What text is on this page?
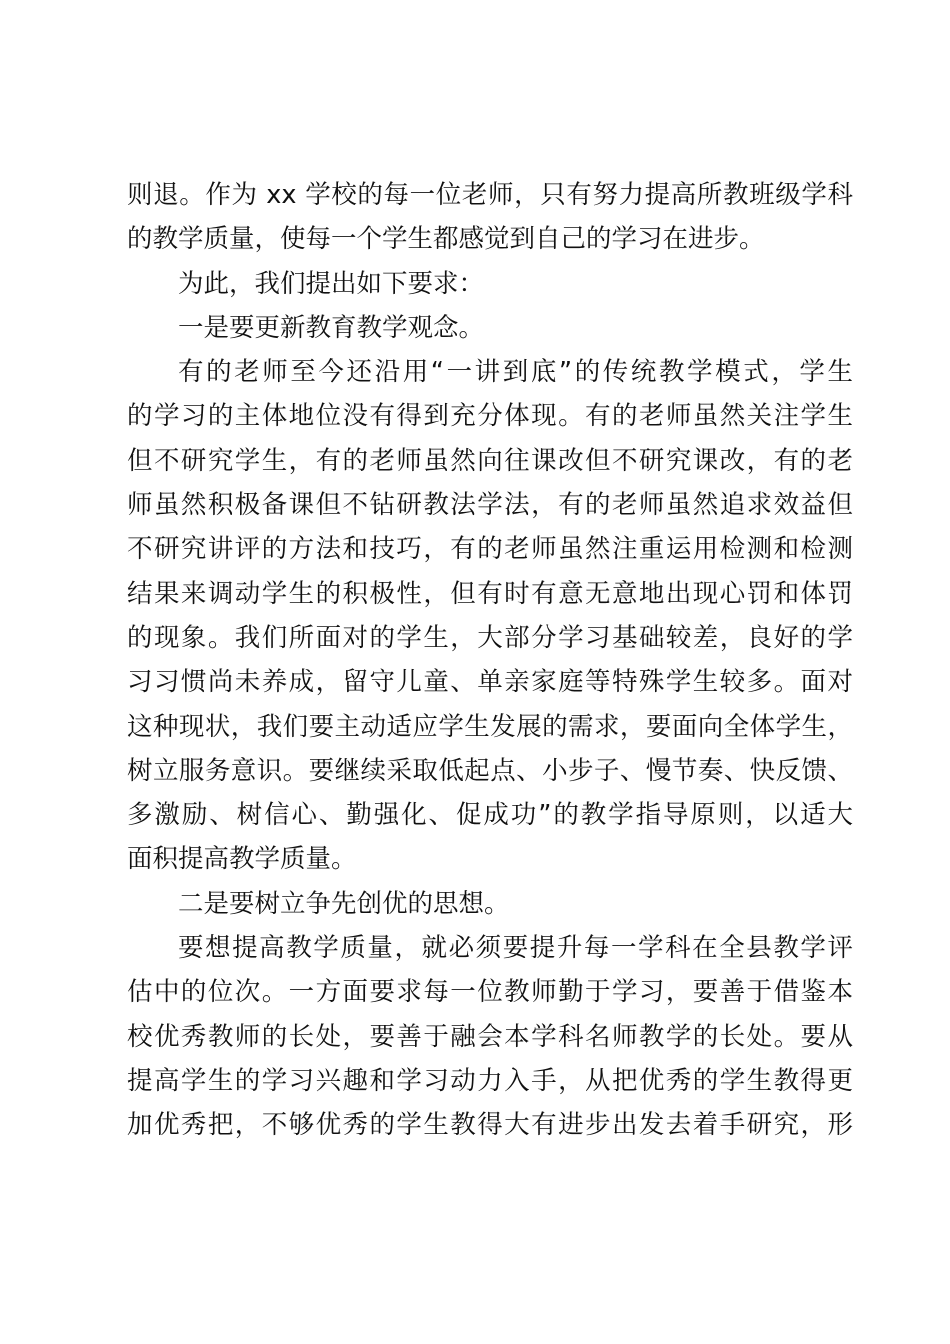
则退。作为 xx 学校的每一位老师，只有努力提高所教班级学科
的教学质量，使每一个学生都感觉到自己的学习在进步。
为此，我们提出如下要求：
一是要更新教育教学观念。
有的老师至今还沿用“一讲到底”的传统教学模式，学生
的学习的主体地位没有得到充分体现。有的老师虽然关注学生
但不研究学生，有的老师虽然向往课改但不研究课改，有的老
师虽然积极备课但不钻研教法学法，有的老师虽然追求效益但
不研究讲评的方法和技巧，有的老师虽然注重运用检测和检测
结果来调动学生的积极性，但有时有意无意地出现心罚和体罚
的现象。我们所面对的学生，大部分学习基础较差，良好的学
习习惯尚未养成，留守儿童、单亲家庭等特殊学生较多。面对
这种现状，我们要主动适应学生发展的需求，要面向全体学生，
树立服务意识。要继续采取低起点、小步子、慢节奏、快反馈、
多激励、树信心、勤强化、促成功”的教学指导原则，以适大
面积提高教学质量。
二是要树立争先创优的思想。
要想提高教学质量，就必须要提升每一学科在全县教学评
估中的位次。一方面要求每一位教师勤于学习，要善于借鉴本
校优秀教师的长处，要善于融会本学科名师教学的长处。要从
提高学生的学习兴趣和学习动力入手，从把优秀的学生教得更
加优秀把，不够优秀的学生教得大有进步出发去着手研究，形
